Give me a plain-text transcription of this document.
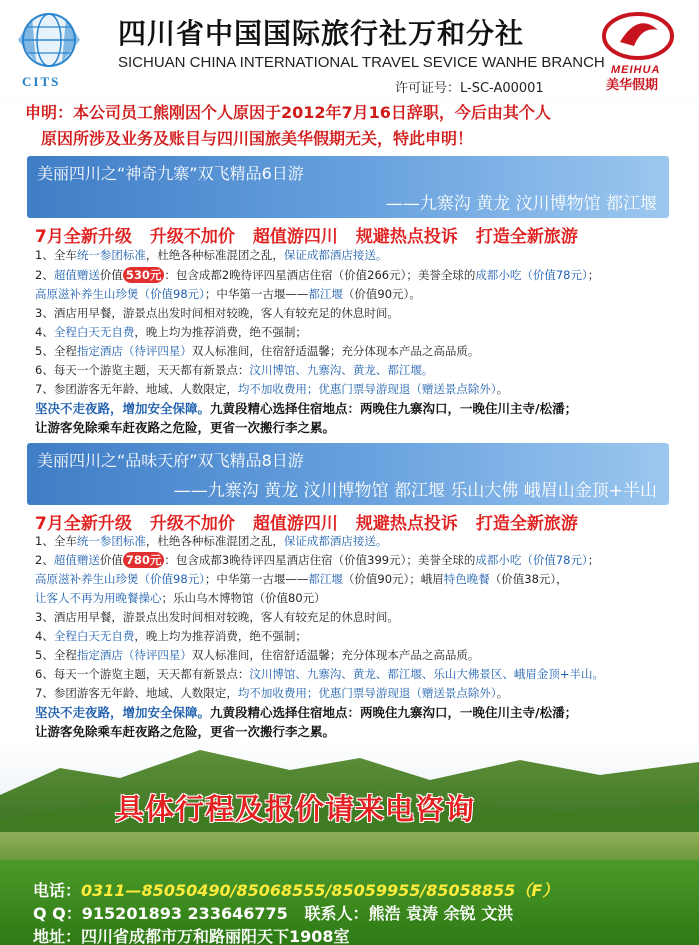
CITS
四川省中国国际旅行社万和分社
SICHUAN CHINA INTERNATIONAL TRAVEL SEVICE WANHE BRANCH
许可证号：L-SC-A00001
MEIHUA
美华假期
申明：本公司员工熊刚因个人原因于2012年7月16日辞职，今后由其个人
原因所涉及业务及账目与四川国旅美华假期无关，特此申明！
美丽四川之“神奇九寨”双飞精品6日游
——九寨沟 黄龙 汶川博物馆 都江堰
7月全新升级 升级不加价 超值游四川 规避热点投诉 打造全新旅游
1、全车统一参团标准，杜绝各种标准混团之乱，保证成都酒店接送。
2、超值赠送价值 530元 ：包含成都2晚待评四星酒店住宿（价值266元）；美誉全球的成都小吃（价值78元）；
高原滋补养生山珍煲（价值98元）；中华第一古堰——都江堰（价值90元）。
3、酒店用早餐，游景点出发时间相对较晚，客人有较充足的休息时间。
4、全程白天无自费，晚上均为推荐消费，绝不强制；
5、全程指定酒店（待评四星）双人标准间，住宿舒适温馨；充分体现本产品之高品质。
6、每天一个游览主题，天天都有新景点：汶川博馆、九寨沟、黄龙、都江堰。
7、参团游客无年龄、地域、人数限定，均不加收费用；优惠门票导游现退（赠送景点除外）。
坚决不走夜路，增加安全保障。九黄段精心选择住宿地点：两晚住九寨沟口，一晚住川主寺/松潘；
让游客免除乘车赶夜路之危险，更省一次搬行李之累。
美丽四川之“品味天府”双飞精品8日游
——九寨沟 黄龙 汶川博物馆 都江堰 乐山大佛 峨眉山金顶+半山
7月全新升级 升级不加价 超值游四川 规避热点投诉 打造全新旅游
1、全车统一参团标准，杜绝各种标准混团之乱，保证成都酒店接送。
2、超值赠送价值 780元 ：包含成都3晚待评四星酒店住宿（价值399元）；美誉全球的成都小吃（价值78元）；
高原滋补养生山珍煲（价值98元）；中华第一古堰——都江堰（价值90元）；峨眉特色晚餐（价值38元），
让客人不再为用晚餐操心；乐山乌木博物馆（价值80元）
3、酒店用早餐，游景点出发时间相对较晚，客人有较充足的休息时间。
4、全程白天无自费，晚上均为推荐消费，绝不强制；
5、全程指定酒店（待评四星）双人标准间，住宿舒适温馨；充分体现本产品之高品质。
6、每天一个游览主题，天天都有新景点：汶川博馆、九寨沟、黄龙、都江堰、乐山大佛景区、峨眉金顶+半山。
7、参团游客无年龄、地域、人数限定，均不加收费用；优惠门票导游现退（赠送景点除外）。
坚决不走夜路，增加安全保障。九黄段精心选择住宿地点：两晚住九寨沟口，一晚住川主寺/松潘；
让游客免除乘车赶夜路之危险，更省一次搬行李之累。
具体行程及报价请来电咨询
电话：0311—85050490/85068555/85059955/85058855（F）
Q Q：915201893 233646775 联系人：熊浩 袁涛 余锐 文洪
地址：四川省成都市万和路丽阳天下1908室
